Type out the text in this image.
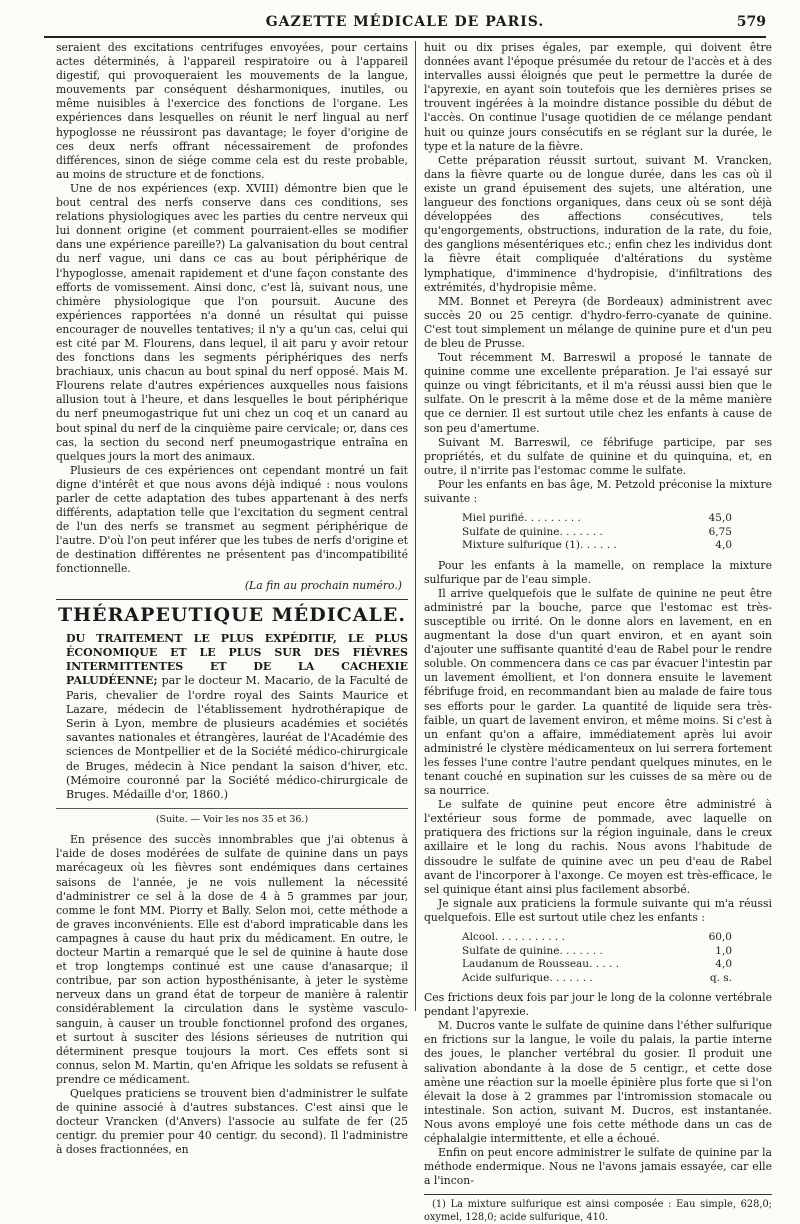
GAZETTE MÉDICALE DE PARIS.	579

seraient des excitations centrifuges envoyées, pour certains actes déterminés, à l'appareil respiratoire ou à l'appareil digestif, qui provoqueraient les mouvements de la langue, mouvements par conséquent désharmoniques, inutiles, ou même nuisibles à l'exercice des fonctions de l'organe. Les expériences dans lesquelles on réunit le nerf lingual au nerf hypoglosse ne réussiront pas davantage; le foyer d'origine de ces deux nerfs offrant nécessairement de profondes différences, sinon de siége comme cela est du reste probable, au moins de structure et de fonctions.

Une de nos expériences (exp. XVIII) démontre bien que le bout central des nerfs conserve dans ces conditions, ses relations physiologiques avec les parties du centre nerveux qui lui donnent origine (et comment pourraient-elles se modifier dans une expérience pareille?) La galvanisation du bout central du nerf vague, uni dans ce cas au bout périphérique de l'hypoglosse, amenait rapidement et d'une façon constante des efforts de vomissement. Ainsi donc, c'est là, suivant nous, une chimère physiologique que l'on poursuit. Aucune des expériences rapportées n'a donné un résultat qui puisse encourager de nouvelles tentatives; il n'y a qu'un cas, celui qui est cité par M. Flourens, dans lequel, il ait paru y avoir retour des fonctions dans les segments périphériques des nerfs brachiaux, unis chacun au bout spinal du nerf opposé. Mais M. Flourens relate d'autres expériences auxquelles nous faisions allusion tout à l'heure, et dans lesquelles le bout périphérique du nerf pneumogastrique fut uni chez un coq et un canard au bout spinal du nerf de la cinquième paire cervicale; or, dans ces cas, la section du second nerf pneumogastrique entraîna en quelques jours la mort des animaux.

Plusieurs de ces expériences ont cependant montré un fait digne d'intérêt et que nous avons déjà indiqué : nous voulons parler de cette adaptation des tubes appartenant à des nerfs différents, adaptation telle que l'excitation du segment central de l'un des nerfs se transmet au segment périphérique de l'autre. D'où l'on peut inférer que les tubes de nerfs d'origine et de destination différentes ne présentent pas d'incompatibilité fonctionnelle.

(La fin au prochain numéro.)

THÉRAPEUTIQUE MÉDICALE.

DU TRAITEMENT LE PLUS EXPÉDITIF, LE PLUS ÉCONOMIQUE ET LE PLUS SUR DES FIÈVRES INTERMITTENTES ET DE LA CACHEXIE PALUDÉENNE; par le docteur M. Macario, de la Faculté de Paris, chevalier de l'ordre royal des Saints Maurice et Lazare, médecin de l'établissement hydrothérapique de Serin à Lyon, membre de plusieurs académies et sociétés savantes nationales et étrangères, lauréat de l'Académie des sciences de Montpellier et de la Société médico-chirurgicale de Bruges, médecin à Nice pendant la saison d'hiver, etc. (Mémoire couronné par la Société médico-chirurgicale de Bruges. Médaille d'or, 1860.)

(Suite. — Voir les nos 35 et 36.)

En présence des succès innombrables que j'ai obtenus à l'aide de doses modérées de sulfate de quinine dans un pays marécageux où les fièvres sont endémiques dans certaines saisons de l'année, je ne vois nullement la nécessité d'administrer ce sel à la dose de 4 à 5 grammes par jour, comme le font MM. Piorry et Bally. Selon moi, cette méthode a de graves inconvénients. Elle est d'abord impraticable dans les campagnes à cause du haut prix du médicament. En outre, le docteur Martin a remarqué que le sel de quinine à haute dose et trop longtemps continué est une cause d'anasarque; il contribue, par son action hyposthénisante, à jeter le système nerveux dans un grand état de torpeur de manière à ralentir considérablement la circulation dans le système vasculo-sanguin, à causer un trouble fonctionnel profond des organes, et surtout à susciter des lésions sérieuses de nutrition qui déterminent presque toujours la mort. Ces effets sont si connus, selon M. Martin, qu'en Afrique les soldats se refusent à prendre ce médicament.

Quelques praticiens se trouvent bien d'administrer le sulfate de quinine associé à d'autres substances. C'est ainsi que le docteur Vrancken (d'Anvers) l'associe au sulfate de fer (25 centigr. du premier pour 40 centigr. du second). Il l'administre à doses fractionnées, en

huit ou dix prises égales, par exemple, qui doivent être données avant l'époque présumée du retour de l'accès et à des intervalles aussi éloignés que peut le permettre la durée de l'apyrexie, en ayant soin toutefois que les dernières prises se trouvent ingérées à la moindre distance possible du début de l'accès. On continue l'usage quotidien de ce mélange pendant huit ou quinze jours consécutifs en se réglant sur la durée, le type et la nature de la fièvre.

Cette préparation réussit surtout, suivant M. Vrancken, dans la fièvre quarte ou de longue durée, dans les cas où il existe un grand épuisement des sujets, une altération, une langueur des fonctions organiques, dans ceux où se sont déjà développées des affections consécutives, tels qu'engorgements, obstructions, induration de la rate, du foie, des ganglions mésentériques etc.; enfin chez les individus dont la fièvre était compliquée d'altérations du système lymphatique, d'imminence d'hydropisie, d'infiltrations des extrémités, d'hydropisie même.

MM. Bonnet et Pereyra (de Bordeaux) administrent avec succès 20 ou 25 centigr. d'hydro-ferro-cyanate de quinine. C'est tout simplement un mélange de quinine pure et d'un peu de bleu de Prusse.

Tout récemment M. Barreswil a proposé le tannate de quinine comme une excellente préparation. Je l'ai essayé sur quinze ou vingt fébricitants, et il m'a réussi aussi bien que le sulfate. On le prescrit à la même dose et de la même manière que ce dernier. Il est surtout utile chez les enfants à cause de son peu d'amertume.

Suivant M. Barreswil, ce fébrifuge participe, par ses propriétés, et du sulfate de quinine et du quinquina, et, en outre, il n'irrite pas l'estomac comme le sulfate.

Pour les enfants en bas âge, M. Petzold préconise la mixture suivante :

Miel purifié. . . . . . . . .	45,0
Sulfate de quinine. . . . . . .	6,75
Mixture sulfurique (1). . . . . .	4,0

Pour les enfants à la mamelle, on remplace la mixture sulfurique par de l'eau simple.

Il arrive quelquefois que le sulfate de quinine ne peut être administré par la bouche, parce que l'estomac est très-susceptible ou irrité. On le donne alors en lavement, en en augmentant la dose d'un quart environ, et en ayant soin d'ajouter une suffisante quantité d'eau de Rabel pour le rendre soluble. On commencera dans ce cas par évacuer l'intestin par un lavement émollient, et l'on donnera ensuite le lavement fébrifuge froid, en recommandant bien au malade de faire tous ses efforts pour le garder. La quantité de liquide sera très-faible, un quart de lavement environ, et même moins. Si c'est à un enfant qu'on a affaire, immédiatement après lui avoir administré le clystère médicamenteux on lui serrera fortement les fesses l'une contre l'autre pendant quelques minutes, en le tenant couché en supination sur les cuisses de sa mère ou de sa nourrice.

Le sulfate de quinine peut encore être administré à l'extérieur sous forme de pommade, avec laquelle on pratiquera des frictions sur la région inguinale, dans le creux axillaire et le long du rachis. Nous avons l'habitude de dissoudre le sulfate de quinine avec un peu d'eau de Rabel avant de l'incorporer à l'axonge. Ce moyen est très-efficace, le sel quinique étant ainsi plus facilement absorbé.

Je signale aux praticiens la formule suivante qui m'a réussi quelquefois. Elle est surtout utile chez les enfants :

Alcool. . . . . . . . . . .	60,0
Sulfate de quinine. . . . . . .	1,0
Laudanum de Rousseau. . . . .	4,0
Acide sulfurique. . . . . . .	q. s.

Ces frictions deux fois par jour le long de la colonne vertébrale pendant l'apyrexie.

M. Ducros vante le sulfate de quinine dans l'éther sulfurique en frictions sur la langue, le voile du palais, la partie interne des joues, le plancher vertébral du gosier. Il produit une salivation abondante à la dose de 5 centigr., et cette dose amène une réaction sur la moelle épinière plus forte que si l'on élevait la dose à 2 grammes par l'intromission stomacale ou intestinale. Son action, suivant M. Ducros, est instantanée. Nous avons employé une fois cette méthode dans un cas de céphalalgie intermittente, et elle a échoué.

Enfin on peut encore administrer le sulfate de quinine par la méthode endermique. Nous ne l'avons jamais essayée, car elle a l'incon-

(1) La mixture sulfurique est ainsi composée : Eau simple, 628,0; oxymel, 128,0; acide sulfurique, 410.
